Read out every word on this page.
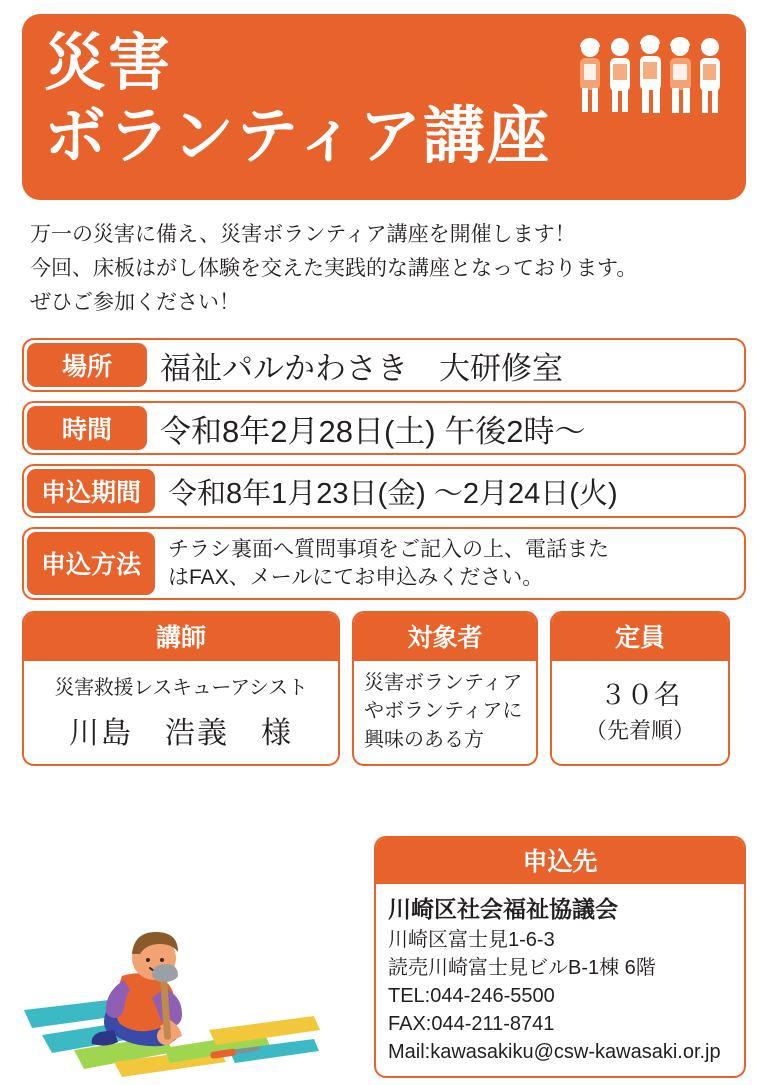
災害
ボランティア講座
万一の災害に備え、災害ボランティア講座を開催します！
今回、床板はがし体験を交えた実践的な講座となっております。
ぜひご参加ください！
場所	福祉パルかわさき　大研修室
時間	令和8年2月28日(土) 午後2時〜
申込期間 令和8年1月23日(金) 〜2月24日(火)
申込方法
チラシ裏面へ質問事項をご記入の上、電話また
はFAX、メールにてお申込みください。
講師
災害救援レスキューアシスト
川島　浩義　様
対象者
災害ボランティア
やボランティアに
興味のある方
定員
３０名
（先着順）
申込先
川崎区社会福祉協議会
川崎区富士見1-6-3
読売川崎富士見ビルB-1棟 6階
TEL:044-246-5500
FAX:044-211-8741
Mail:kawasakiku@csw-kawasaki.or.jp
